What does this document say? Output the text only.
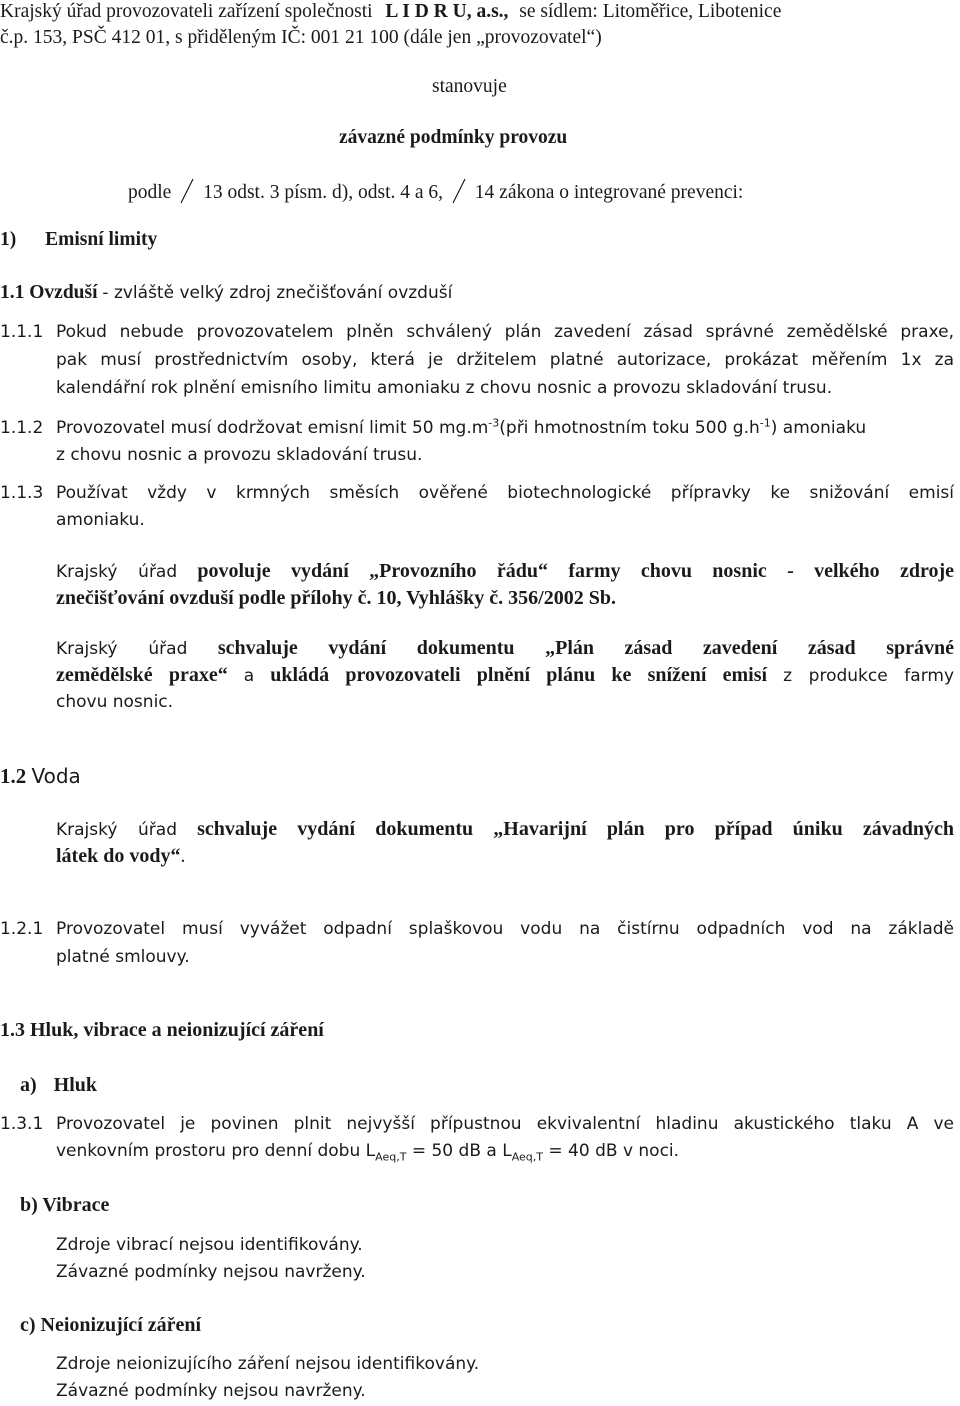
Krajský úřad provozovateli zařízení společnosti L I D R U, a.s., se sídlem: Litoměřice, Libotenice
č.p. 153, PSČ 412 01, s přiděleným IČ: 001 21 100 (dále jen „provozovatel“)
stanovuje
závazné podmínky provozu
podle 13 odst. 3 písm. d), odst. 4 a 6, 14 zákona o integrované prevenci:
1) Emisní limity
1.1 Ovzduší - zvláště velký zdroj znečišťování ovzduší
1.1.1 Pokud nebude provozovatelem plněn schválený plán zavedení zásad správné zemědělské praxe,
pak musí prostřednictvím osoby, která je držitelem platné autorizace, prokázat měřením 1x za
kalendářní rok plnění emisního limitu amoniaku z chovu nosnic a provozu skladování trusu.
1.1.2 Provozovatel musí dodržovat emisní limit 50 $mg.m^{-3}(při$ hmotnostním toku 500 $g.h^{-1}$) amoniaku
z chovu nosnic a provozu skladování trusu.
1.1.3 Používat vždy v krmných směsích ověřené biotechnologické přípravky ke snižování emisí
amoniaku.
Krajský úřad povoluje vydání „Provozního řádu“ farmy chovu nosnic - velkého zdroje
znečišťování ovzduší podle přílohy č. 10, Vyhlášky č. 356/2002 Sb.
Krajský úřad schvaluje vydání dokumentu „Plán zásad zavedení zásad správné
zemědělské praxe“ a ukládá provozovateli plnění plánu ke snížení emisí z produkce farmy
chovu nosnic.
1.2 Voda
Krajský úřad schvaluje vydání dokumentu „Havarijní plán pro případ úniku závadných
látek do vody“.
1.2.1 Provozovatel musí vyvážet odpadní splaškovou vodu na čistírnu odpadních vod na základě
platné smlouvy.
1.3 Hluk, vibrace a neionizující záření
a) Hluk
1.3.1 Provozovatel je povinen plnit nejvyšší přípustnou ekvivalentní hladinu akustického tlaku A ve
venkovním prostoru pro denní dobu $L_{Aeq,T} = 50$ dB a $L_{Aeq,T} = 40$ dB v noci.
b) Vibrace
Zdroje vibrací nejsou identifikovány.
Závazné podmínky nejsou navrženy.
c) Neionizující záření
Zdroje neionizujícího záření nejsou identifikovány.
Závazné podmínky nejsou navrženy.
